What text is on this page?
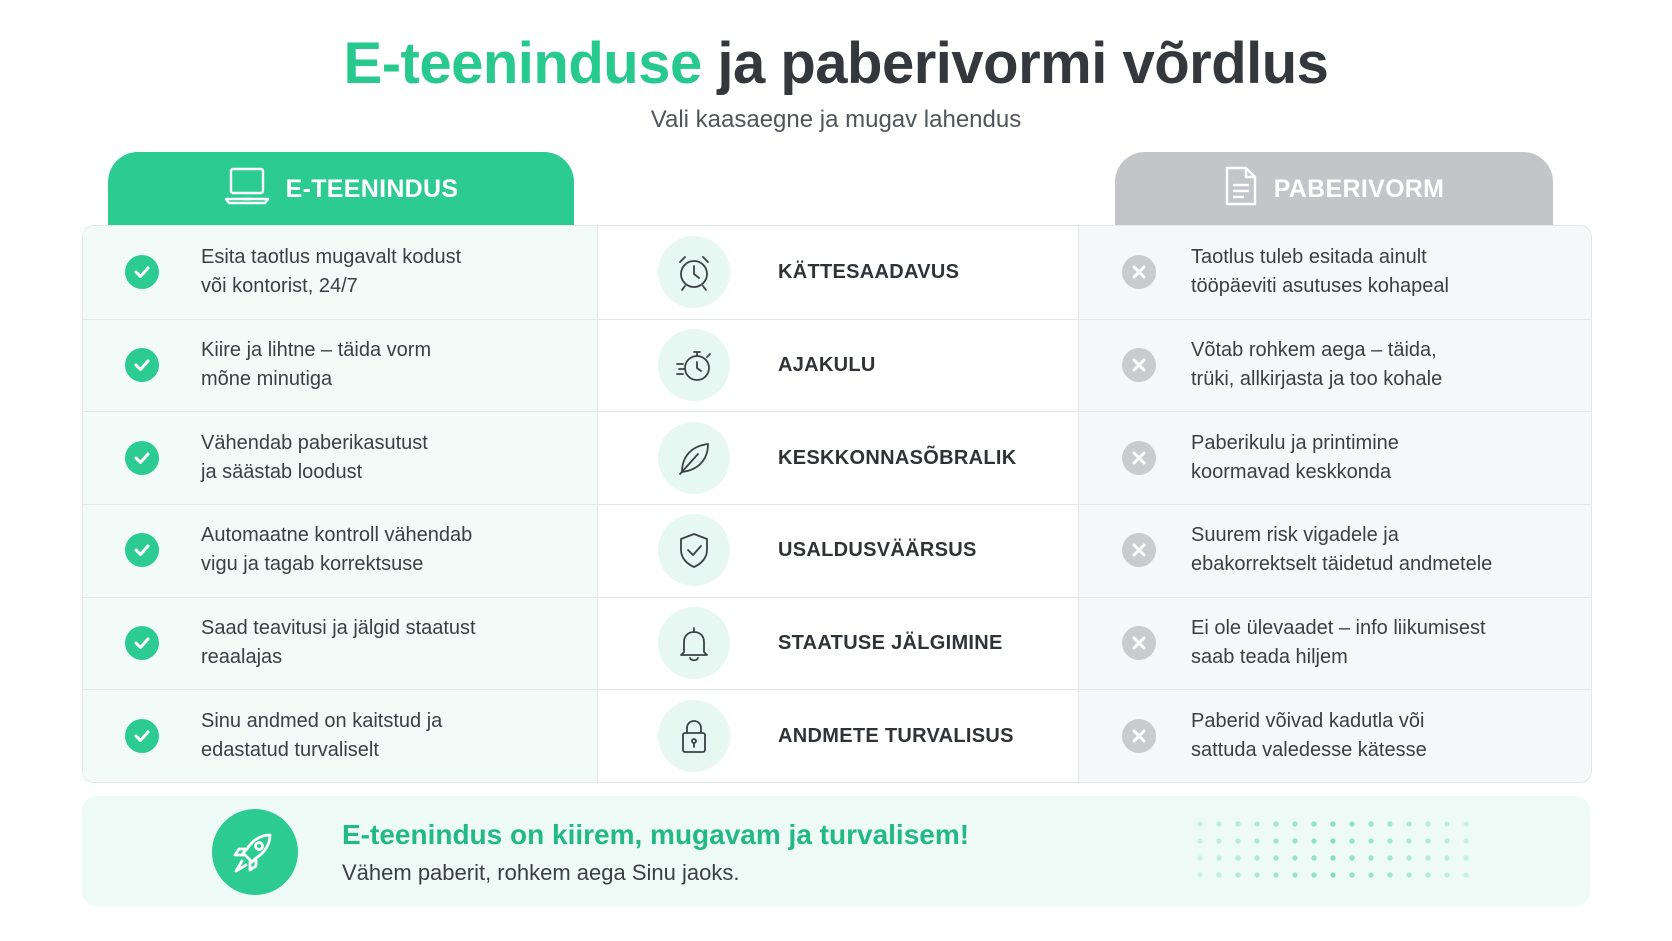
E-teeninduse ja paberivormi võrdlus
Vali kaasaegne ja mugav lahendus
E-TEENINDUS	PABERIVORM
Esita taotlus mugavalt kodust
või kontorist, 24/7
KÄTTESAADAVUS
Taotlus tuleb esitada ainult
tööpäeviti asutuses kohapeal
Kiire ja lihtne – täida vorm
mõne minutiga
AJAKULU
Võtab rohkem aega – täida,
trüki, allkirjasta ja too kohale
Vähendab paberikasutust
ja säästab loodust
KESKKONNASÕBRALIK
Paberikulu ja printimine
koormavad keskkonda
Automaatne kontroll vähendab
vigu ja tagab korrektsuse
USALDUSVÄÄRSUS
Suurem risk vigadele ja
ebakorrektselt täidetud andmetele
Saad teavitusi ja jälgid staatust
reaalajas
STAATUSE JÄLGIMINE
Ei ole ülevaadet – info liikumisest
saab teada hiljem
Sinu andmed on kaitstud ja
edastatud turvaliselt
ANDMETE TURVALISUS
Paberid võivad kadutla või
sattuda valedesse kätesse
E-teenindus on kiirem, mugavam ja turvalisem!
Vähem paberit, rohkem aega Sinu jaoks.
